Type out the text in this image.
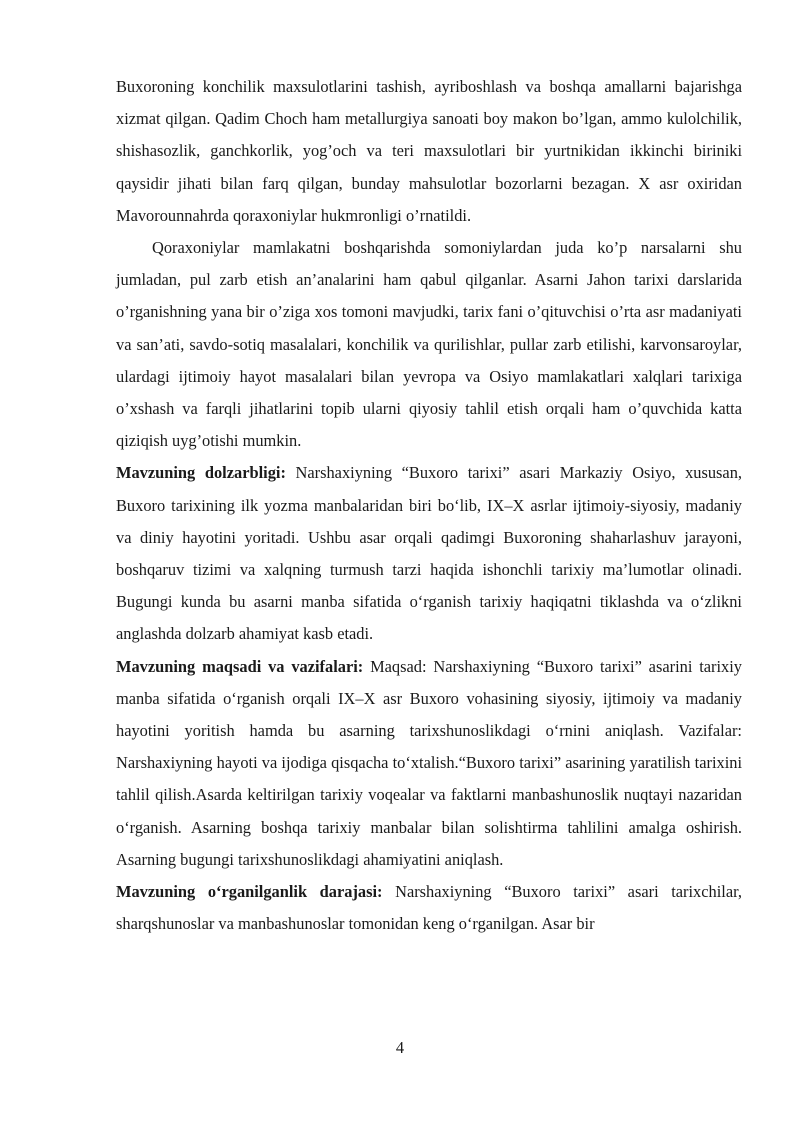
Buxoroning konchilik maxsulotlarini tashish, ayriboshlash va boshqa amallarni bajarishga xizmat qilgan. Qadim Choch ham metallurgiya sanoati boy makon bo’lgan, ammo kulolchilik, shishasozlik, ganchkorlik, yog’och va teri maxsulotlari bir yurtnikidan ikkinchi biriniki qaysidir jihati bilan farq qilgan, bunday mahsulotlar bozorlarni bezagan. X asr oxiridan Mavorounnahrda qoraxoniylar hukmronligi o’rnatildi.

Qoraxoniylar mamlakatni boshqarishda somoniylardan juda ko’p narsalarni shu jumladan, pul zarb etish an’analarini ham qabul qilganlar. Asarni Jahon tarixi darslarida o’rganishning yana bir o’ziga xos tomoni mavjudki, tarix fani o’qituvchisi o’rta asr madaniyati va san’ati, savdo-sotiq masalalari, konchilik va qurilishlar, pullar zarb etilishi, karvonsaroylar, ulardagi ijtimoiy hayot masalalari bilan yevropa va Osiyo mamlakatlari xalqlari tarixiga o’xshash va farqli jihatlarini topib ularni qiyosiy tahlil etish orqali ham o’quvchida katta qiziqish uyg’otishi mumkin.

Mavzuning dolzarbligi: Narshaxiyning “Buxoro tarixi” asari Markaziy Osiyo, xususan, Buxoro tarixining ilk yozma manbalaridan biri bo‘lib, IX–X asrlar ijtimoiy-siyosiy, madaniy va diniy hayotini yoritadi. Ushbu asar orqali qadimgi Buxoroning shaharlashuv jarayoni, boshqaruv tizimi va xalqning turmush tarzi haqida ishonchli tarixiy ma’lumotlar olinadi. Bugungi kunda bu asarni manba sifatida o‘rganish tarixiy haqiqatni tiklashda va o‘zlikni anglashda dolzarb ahamiyat kasb etadi.

Mavzuning maqsadi va vazifalari: Maqsad: Narshaxiyning “Buxoro tarixi” asarini tarixiy manba sifatida o‘rganish orqali IX–X asr Buxoro vohasining siyosiy, ijtimoiy va madaniy hayotini yoritish hamda bu asarning tarixshunoslikdagi o‘rnini aniqlash. Vazifalar: Narshaxiyning hayoti va ijodiga qisqacha to‘xtalish.“Buxoro tarixi” asarining yaratilish tarixini tahlil qilish.Asarda keltirilgan tarixiy voqealar va faktlarni manbashunoslik nuqtayi nazaridan o‘rganish. Asarning boshqa tarixiy manbalar bilan solishtirma tahlilini amalga oshirish. Asarning bugungi tarixshunoslikdagi ahamiyatini aniqlash.

Mavzuning o‘rganilganlik darajasi: Narshaxiyning “Buxoro tarixi” asari tarixchilar, sharqshunoslar va manbashunoslar tomonidan keng o‘rganilgan. Asar bir

4
